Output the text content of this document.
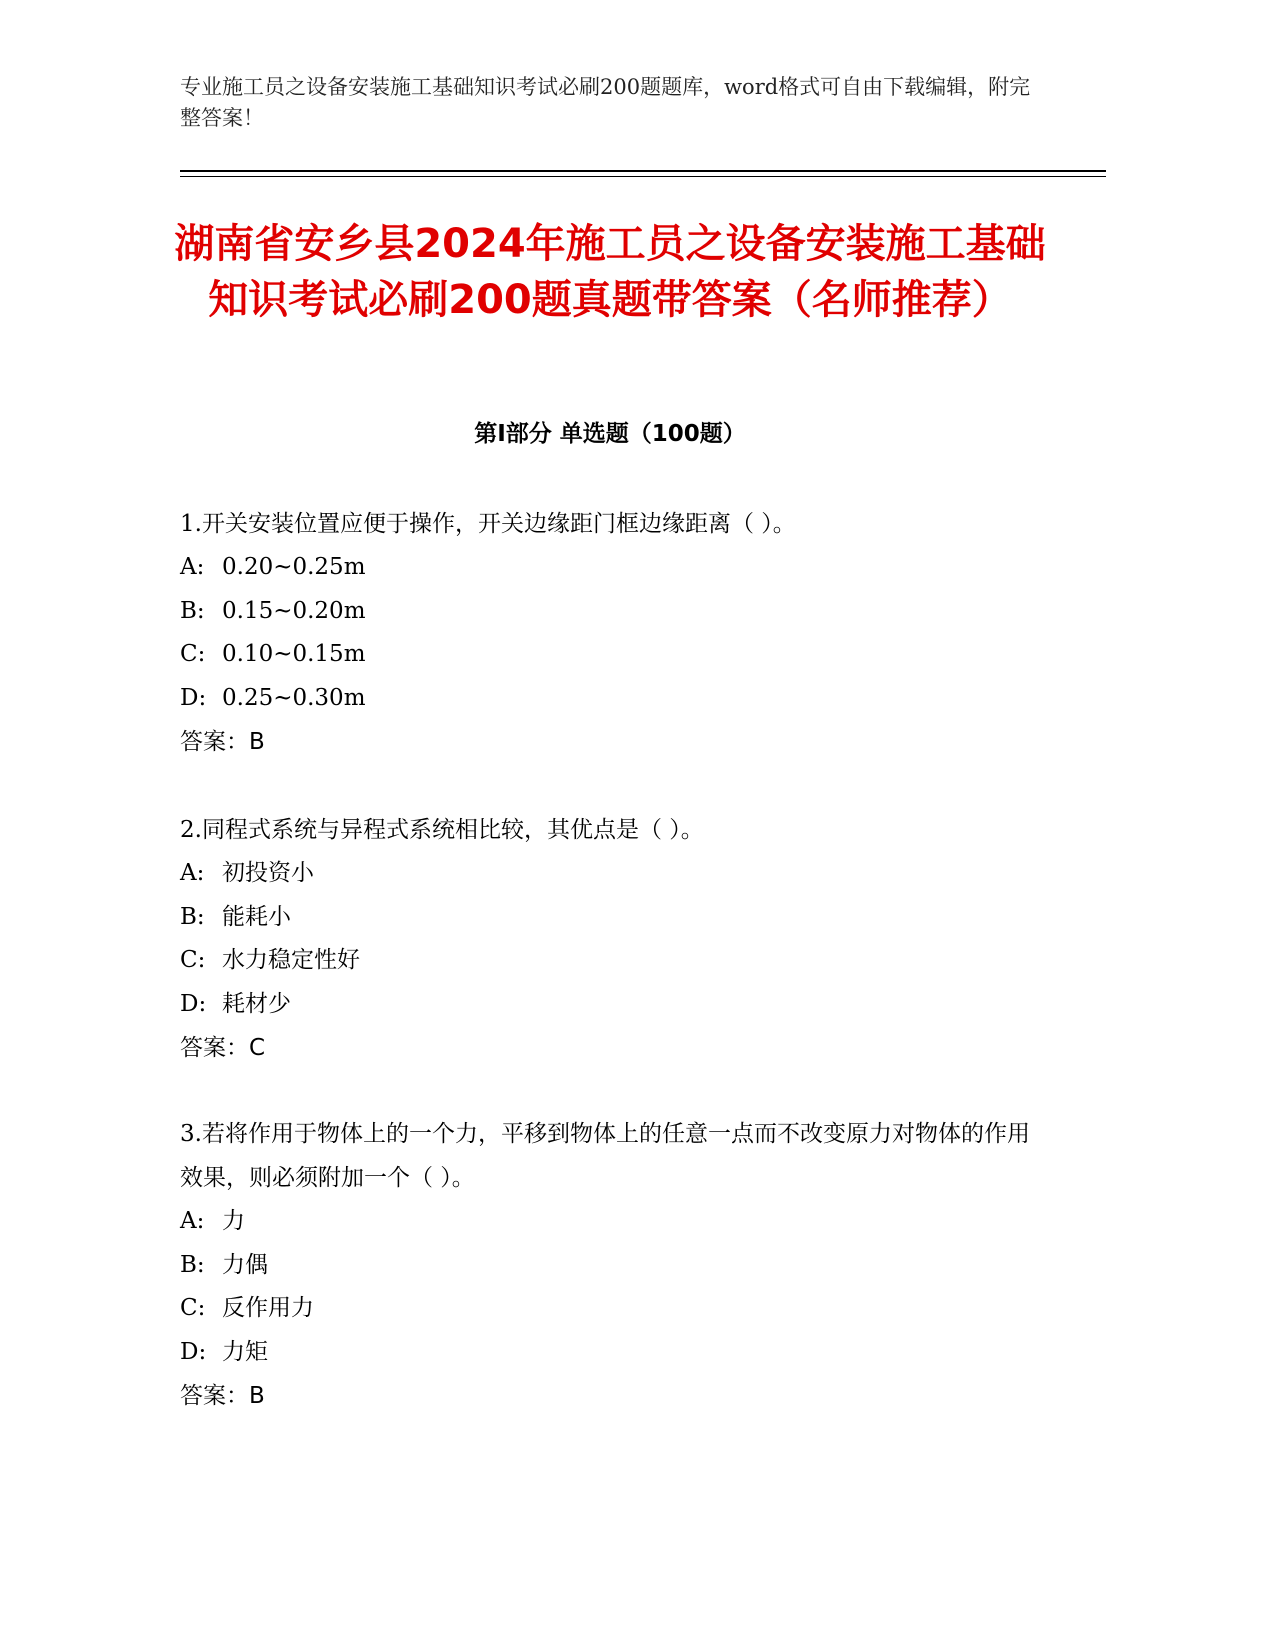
专业施工员之设备安装施工基础知识考试必刷200题题库，word格式可自由下载编辑，附完整答案！
湖南省安乡县2024年施工员之设备安装施工基础知识考试必刷200题真题带答案（名师推荐）
第Ⅰ部分 单选题（100题）

1.开关安装位置应便于操作，开关边缘距门框边缘距离（ ）。

A: 0.20~0.25m

B: 0.15~0.20m

C: 0.10~0.15m

D: 0.25~0.30m

答案：B

2.同程式系统与异程式系统相比较，其优点是（ ）。

A: 初投资小

B: 能耗小

C: 水力稳定性好

D: 耗材少

答案：C

3.若将作用于物体上的一个力，平移到物体上的任意一点而不改变原力对物体的作用效果，则必须附加一个（ ）。

A: 力

B: 力偶

C: 反作用力

D: 力矩

答案：B
